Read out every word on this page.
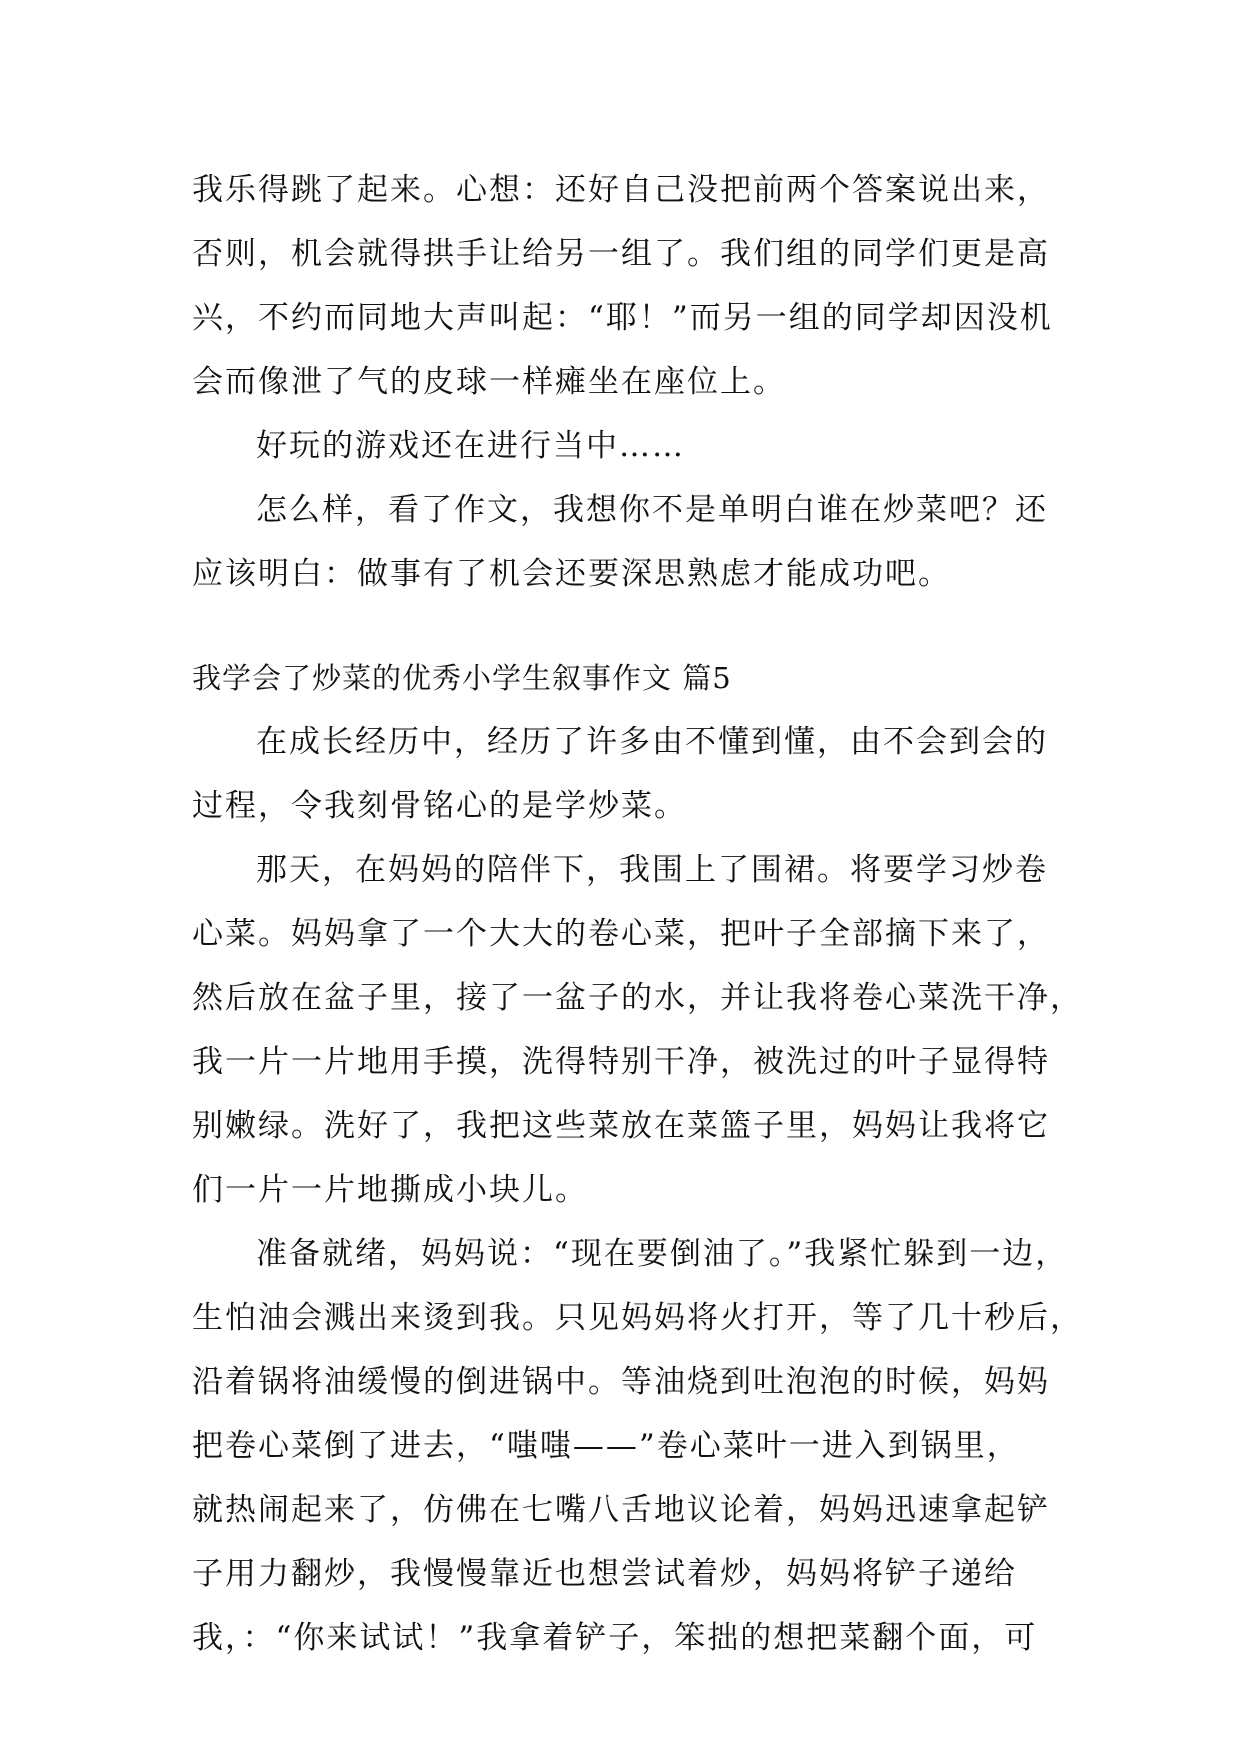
我乐得跳了起来。心想：还好自己没把前两个答案说出来，
否则，机会就得拱手让给另一组了。我们组的同学们更是高
兴，不约而同地大声叫起：“耶！”而另一组的同学却因没机
会而像泄了气的皮球一样瘫坐在座位上。
好玩的游戏还在进行当中……
怎么样，看了作文，我想你不是单明白谁在炒菜吧？还
应该明白：做事有了机会还要深思熟虑才能成功吧。
我学会了炒菜的优秀小学生叙事作文 篇5
在成长经历中，经历了许多由不懂到懂，由不会到会的
过程，令我刻骨铭心的是学炒菜。
那天，在妈妈的陪伴下，我围上了围裙。将要学习炒卷
心菜。妈妈拿了一个大大的卷心菜，把叶子全部摘下来了，
然后放在盆子里，接了一盆子的水，并让我将卷心菜洗干净，
我一片一片地用手摸，洗得特别干净，被洗过的叶子显得特
别嫩绿。洗好了，我把这些菜放在菜篮子里，妈妈让我将它
们一片一片地撕成小块儿。
准备就绪，妈妈说：“现在要倒油了。”我紧忙躲到一边，
生怕油会溅出来烫到我。只见妈妈将火打开，等了几十秒后，
沿着锅将油缓慢的倒进锅中。等油烧到吐泡泡的时候，妈妈
把卷心菜倒了进去，“嗤嗤——”卷心菜叶一进入到锅里，
就热闹起来了，仿佛在七嘴八舌地议论着，妈妈迅速拿起铲
子用力翻炒，我慢慢靠近也想尝试着炒，妈妈将铲子递给
我，：“你来试试！”我拿着铲子，笨拙的想把菜翻个面，可
